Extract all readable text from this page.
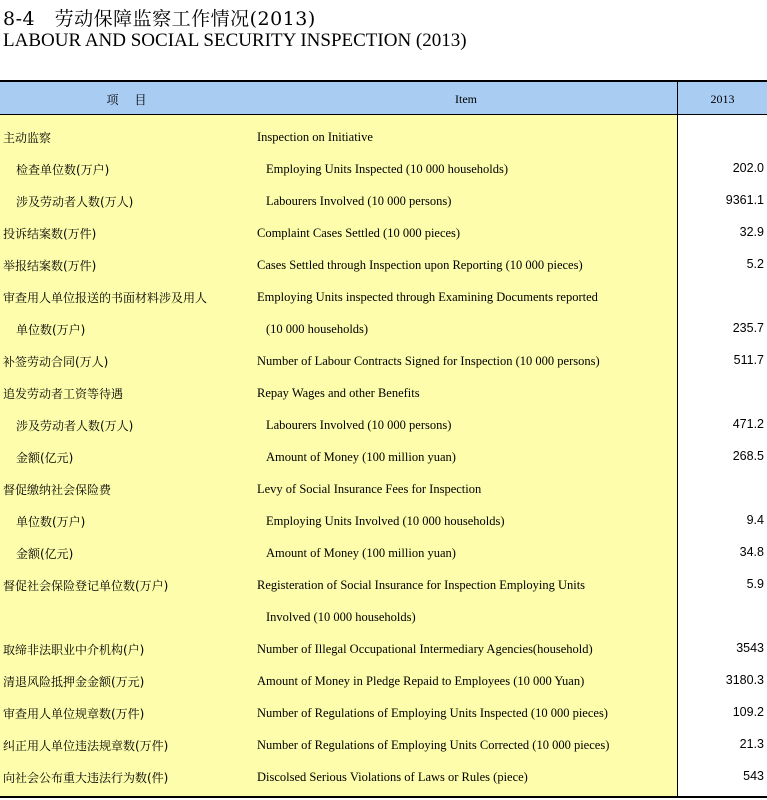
8-4　劳动保障监察工作情况(2013)
LABOUR AND SOCIAL SECURITY INSPECTION (2013)
项　目	Item	2013
主动监察	Inspection on Initiative
检查单位数(万户)	Employing Units Inspected (10 000 households)	202.0
涉及劳动者人数(万人)	Labourers Involved (10 000 persons)	9361.1
投诉结案数(万件)	Complaint Cases Settled (10 000 pieces)	32.9
举报结案数(万件)	Cases Settled through Inspection upon Reporting (10 000 pieces)	5.2
审查用人单位报送的书面材料涉及用人	Employing Units inspected through Examining Documents reported
单位数(万户)	(10 000 households)	235.7
补签劳动合同(万人)	Number of Labour Contracts Signed for Inspection (10 000 persons)	511.7
追发劳动者工资等待遇	Repay Wages and other Benefits
涉及劳动者人数(万人)	Labourers Involved (10 000 persons)	471.2
金额(亿元)	Amount of Money (100 million yuan)	268.5
督促缴纳社会保险费	Levy of Social Insurance Fees for Inspection
单位数(万户)	Employing Units Involved (10 000 households)	9.4
金额(亿元)	Amount of Money (100 million yuan)	34.8
督促社会保险登记单位数(万户)	Registeration of Social Insurance for Inspection Employing Units	5.9
Involved (10 000 households)
取缔非法职业中介机构(户)	Number of Illegal Occupational Intermediary Agencies(household)	3543
清退风险抵押金金额(万元)	Amount of Money in Pledge Repaid to Employees (10 000 Yuan)	3180.3
审查用人单位规章数(万件)	Number of Regulations of Employing Units Inspected (10 000 pieces)	109.2
纠正用人单位违法规章数(万件)	Number of Regulations of Employing Units Corrected (10 000 pieces)	21.3
向社会公布重大违法行为数(件)	Discolsed Serious Violations of Laws or Rules (piece)	543
